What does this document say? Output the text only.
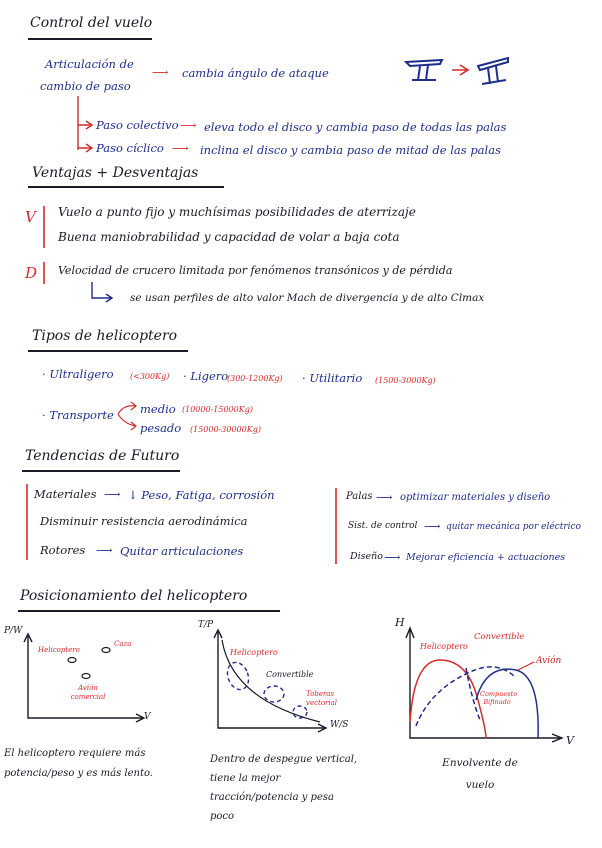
Control del vuelo
Articulación de
cambio de paso
⟶ cambia ángulo de ataque
Paso colectivo ⟶ eleva todo el disco y cambia paso de todas las palas
Paso cíclico ⟶ inclina el disco y cambia paso de mitad de las palas
Ventajas + Desventajas
V Vuelo a punto fijo y muchísimas posibilidades de aterrizaje
Buena maniobrabilidad y capacidad de volar a baja cota
D Velocidad de crucero limitada por fenómenos transónicos y de pérdida
se usan perfiles de alto valor Mach de divergencia y de alto Clmax
Tipos de helicoptero
· Ultraligero (<300Kg) · Ligero
(300-1200Kg) · Utilitario (1500-3000Kg)
· Transporte medio (10000-15000Kg)
pesado (15000-30000Kg)
Tendencias de Futuro
Materiales ⟶ ↓ Peso, Fatiga, corrosión
Disminuir resistencia aerodinámica
Rotores ⟶ Quitar articulaciones
Palas ⟶ optimizar materiales y diseño
Sist. de control ⟶ quitar mecánica por eléctrico
Diseño ⟶ Mejorar eficiencia + actuaciones
Posicionamiento del helicoptero
P/W
V
Helicoptero
Caza
Avión comercial
El helicoptero requiere más potencia/peso y es más lento.
T/P
W/S
Helicoptero
Convertible
Toberas vectorial
Dentro de despegue vertical, tiene la mejor tracción/potencia y pesa poco
H
V
Helicoptero
Convertible
Avión
Compuesto Bifinado
Envolvente de vuelo
